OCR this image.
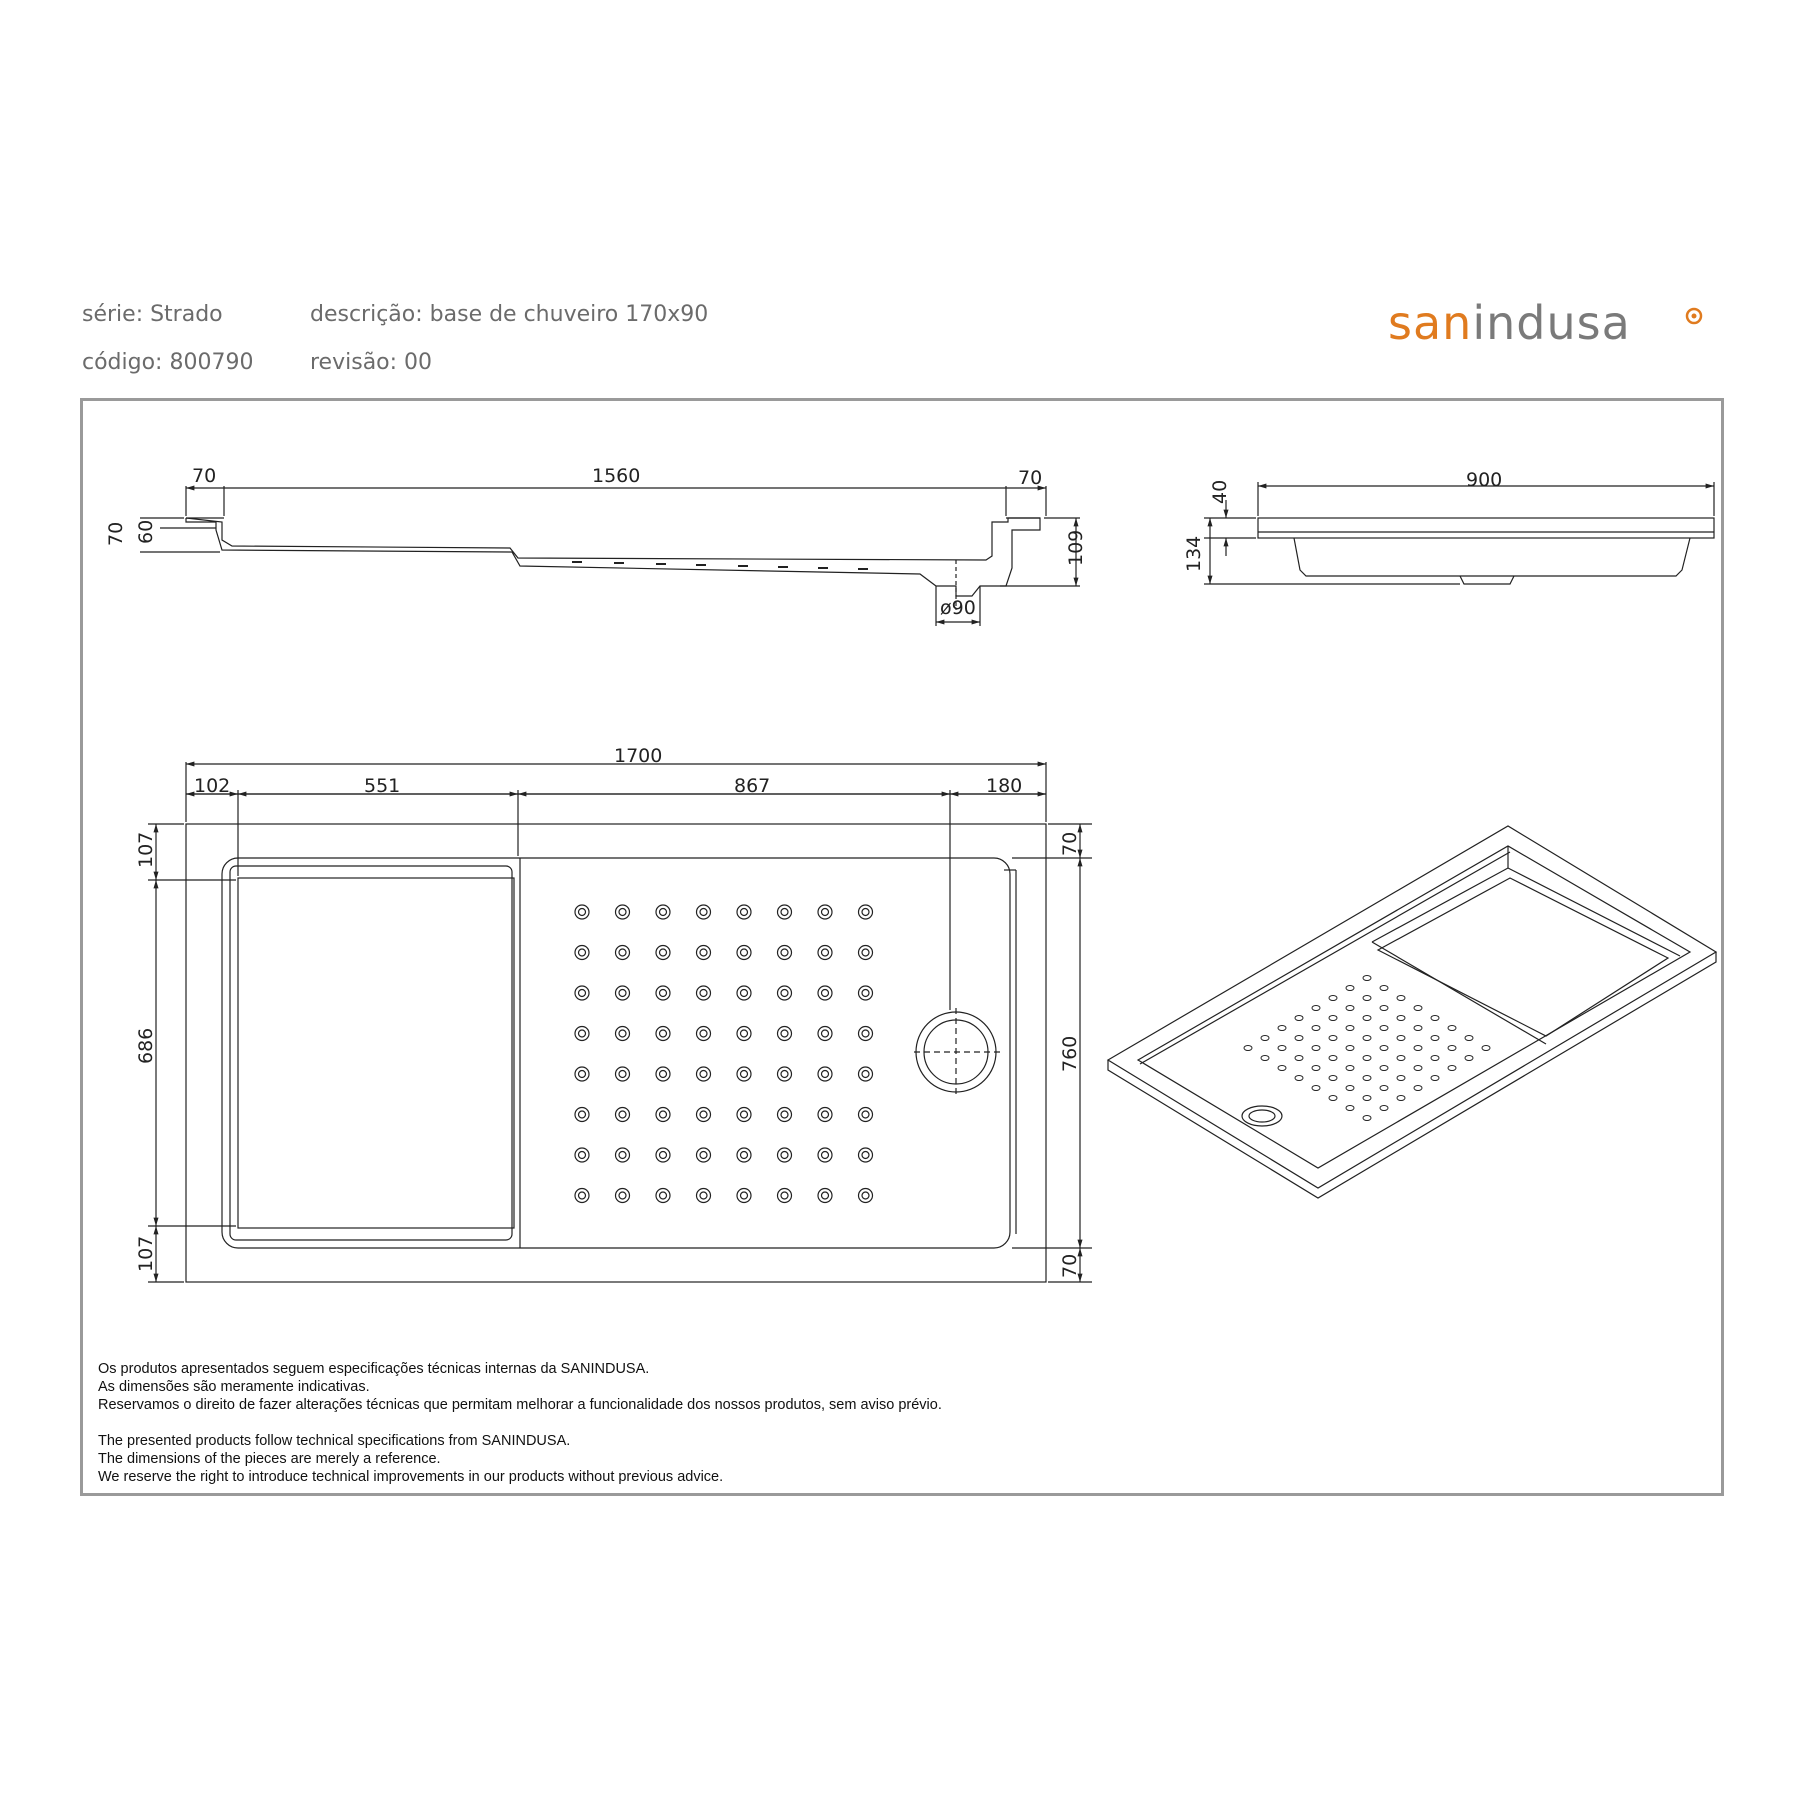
série: Strado	descrição: base de chuveiro 170x90
código: 800790	revisão: 00
sanindusa
70	1560	70
70 60	109
ø90
900
40
134
1700
102	551	867	180
107
686
107
70
760
70
Os produtos apresentados seguem especificações técnicas internas da SANINDUSA.
As dimensões são meramente indicativas.
Reservamos o direito de fazer alterações técnicas que permitam melhorar a funcionalidade dos nossos produtos, sem aviso prévio.
The presented products follow technical specifications from SANINDUSA.
The dimensions of the pieces are merely a reference.
We reserve the right to introduce technical improvements in our products without previous advice.
